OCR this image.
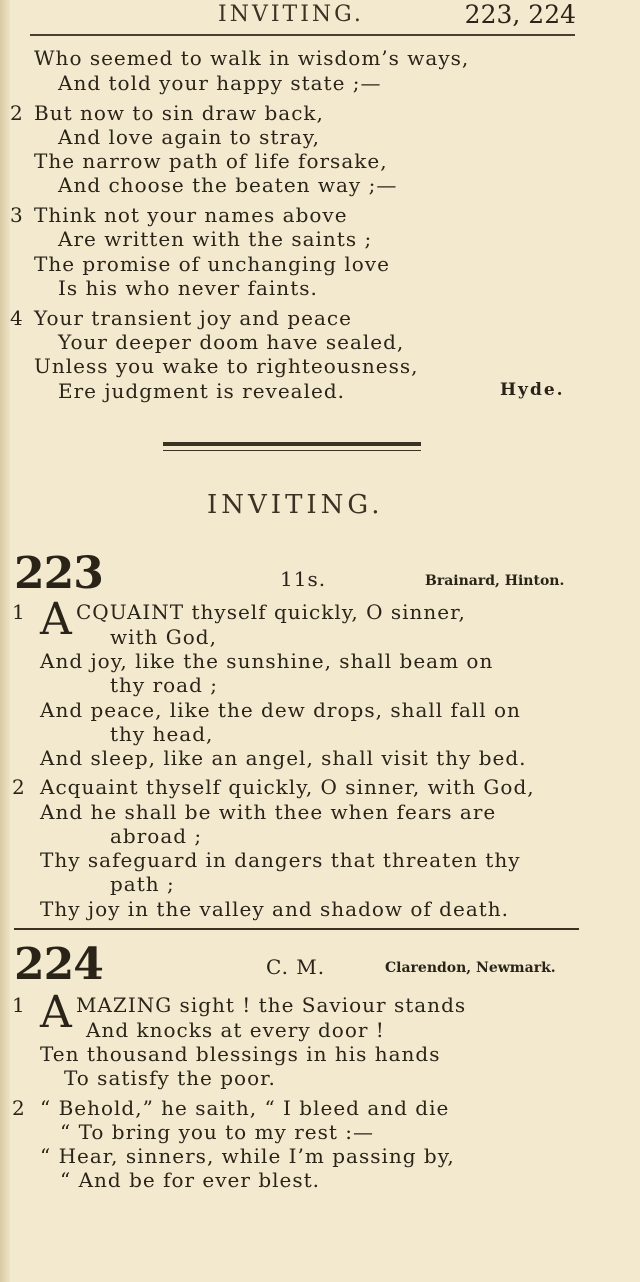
INVITING.	223, 224
Who seemed to walk in wisdom’s ways,
And told your happy state ;—
2 But now to sin draw back,
And love again to stray,
The narrow path of life forsake,
And choose the beaten way ;—
3 Think not your names above
Are written with the saints ;
The promise of unchanging love
Is his who never faints.
4 Your transient joy and peace
Your deeper doom have sealed,
Unless you wake to righteousness,
Ere judgment is revealed.	Hyde.
INVITING.
223	11s.	Brainard, Hinton.
1 A CQUAINT thyself quickly, O sinner,
with God,
And joy, like the sunshine, shall beam on
thy road ;
And peace, like the dew drops, shall fall on
thy head,
And sleep, like an angel, shall visit thy bed.
2 Acquaint thyself quickly, O sinner, with God,
And he shall be with thee when fears are
abroad ;
Thy safeguard in dangers that threaten thy
path ;
Thy joy in the valley and shadow of death.
224	C. M.	Clarendon, Newmark.
1 A MAZING sight ! the Saviour stands
And knocks at every door !
Ten thousand blessings in his hands
To satisfy the poor.
2 “ Behold,” he saith, “ I bleed and die
“ To bring you to my rest :—
“ Hear, sinners, while I’m passing by,
“ And be for ever blest.
